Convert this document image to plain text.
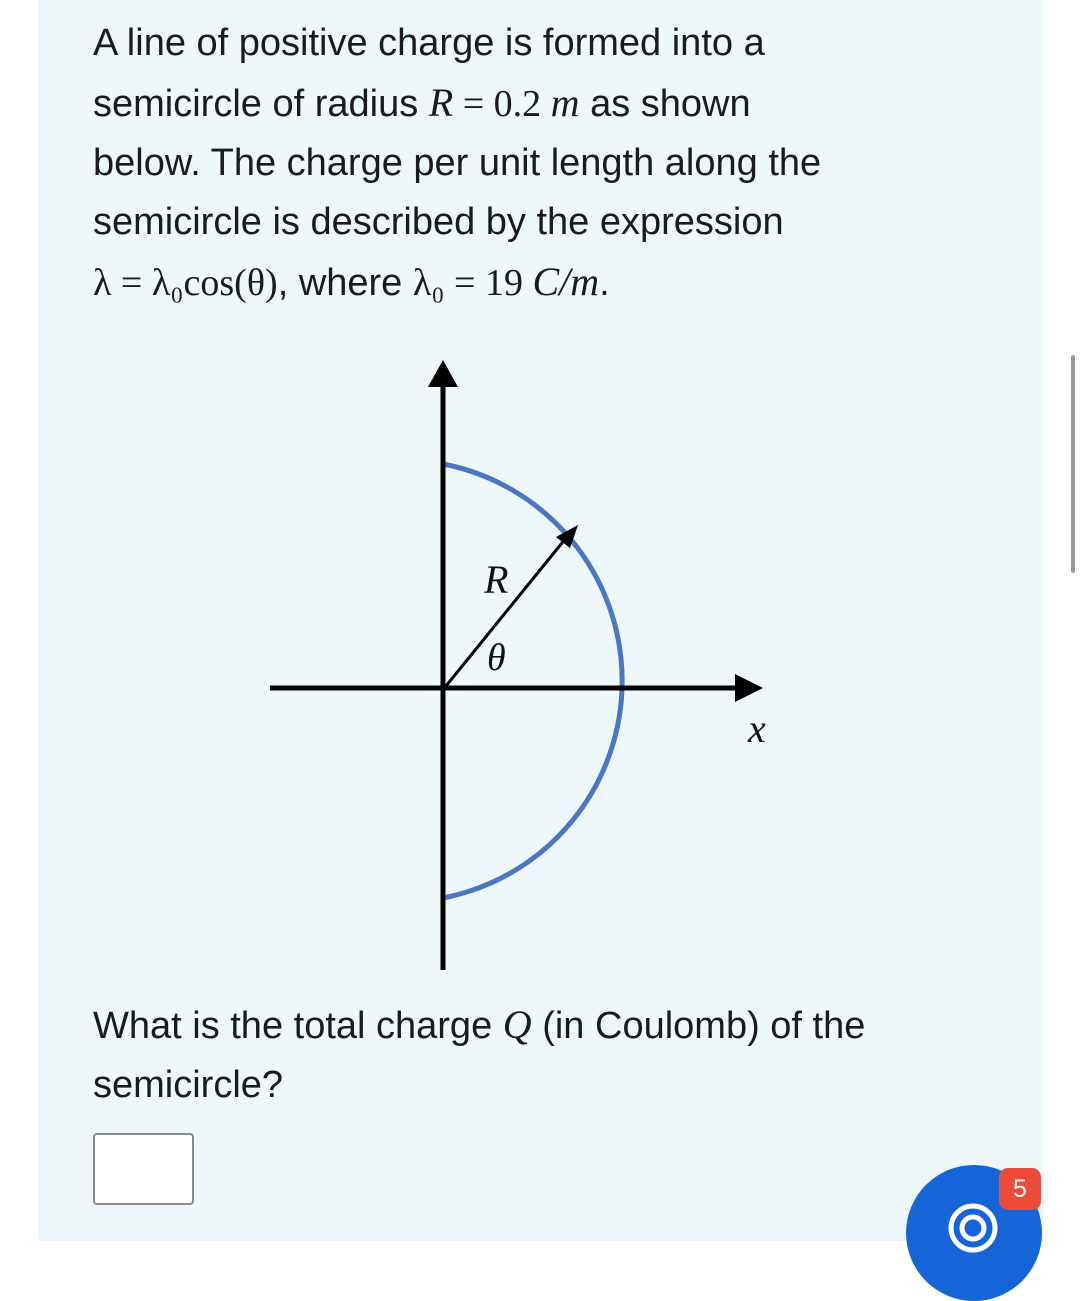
A line of positive charge is formed into a
semicircle of radius R = 0.2 m as shown
below. The charge per unit length along the
semicircle is described by the expression
λ = λ₀cos(θ), where λ₀ = 19 C/m.

R
θ
x

What is the total charge Q (in Coulomb) of the
semicircle?

5
